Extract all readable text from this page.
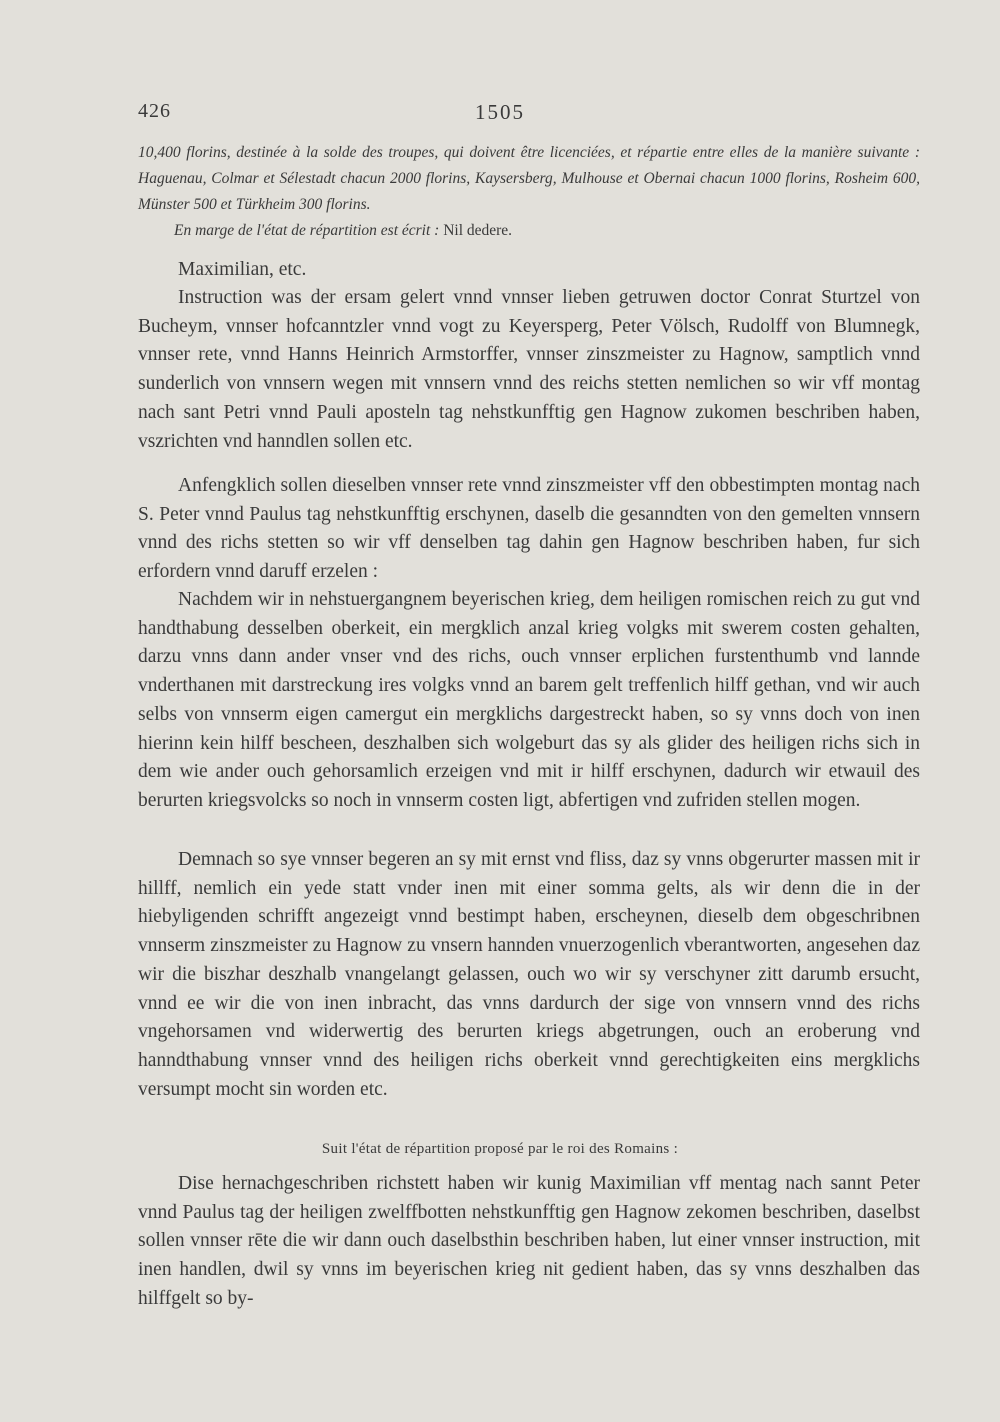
426	1505

10,400 florins, destinée à la solde des troupes, qui doivent être licenciées, et répartie entre elles de la manière suivante : Haguenau, Colmar et Sélestadt chacun 2000 florins, Kaysersberg, Mulhouse et Obernai chacun 1000 florins, Rosheim 600, Münster 500 et Türkheim 300 florins.

En marge de l'état de répartition est écrit : Nil dedere.

Maximilian, etc.

Instruction was der ersam gelert vnnd vnnser lieben getruwen doctor Conrat Sturtzel von Bucheym, vnnser hofcanntzler vnnd vogt zu Keyersperg, Peter Völsch, Rudolff von Blumnegk, vnnser rete, vnnd Hanns Heinrich Armstorffer, vnnser zinszmeister zu Hagnow, samptlich vnnd sunderlich von vnnsern wegen mit vnnsern vnnd des reichs stetten nemlichen so wir vff montag nach sant Petri vnnd Pauli aposteln tag nehstkunfftig gen Hagnow zukomen beschriben haben, vszrichten vnd hanndlen sollen etc.

Anfengklich sollen dieselben vnnser rete vnnd zinszmeister vff den obbestimpten montag nach S. Peter vnnd Paulus tag nehstkunfftig erschynen, daselb die gesanndten von den gemelten vnnsern vnnd des richs stetten so wir vff denselben tag dahin gen Hagnow beschriben haben, fur sich erfordern vnnd daruff erzelen :

Nachdem wir in nehstuergangnem beyerischen krieg, dem heiligen romischen reich zu gut vnd handthabung desselben oberkeit, ein mergklich anzal krieg volgks mit swerem costen gehalten, darzu vnns dann ander vnser vnd des richs, ouch vnnser erplichen furstenthumb vnd lannde vnderthanen mit darstreckung ires volgks vnnd an barem gelt treffenlich hilff gethan, vnd wir auch selbs von vnnserm eigen camergut ein mergklichs dargestreckt haben, so sy vnns doch von inen hierinn kein hilff bescheen, deszhalben sich wolgeburt das sy als glider des heiligen richs sich in dem wie ander ouch gehorsamlich erzeigen vnd mit ir hilff erschynen, dadurch wir etwauil des berurten kriegsvolcks so noch in vnnserm costen ligt, abfertigen vnd zufriden stellen mogen.

Demnach so sye vnnser begeren an sy mit ernst vnd fliss, daz sy vnns obgerurter massen mit ir hillff, nemlich ein yede statt vnder inen mit einer somma gelts, als wir denn die in der hiebyligenden schrifft angezeigt vnnd bestimpt haben, erscheynen, dieselb dem obgeschribnen vnnserm zinszmeister zu Hagnow zu vnsern hannden vnuerzogenlich vberantworten, angesehen daz wir die biszhar deszhalb vnangelangt gelassen, ouch wo wir sy verschyner zitt darumb ersucht, vnnd ee wir die von inen inbracht, das vnns dardurch der sige von vnnsern vnnd des richs vngehorsamen vnd widerwertig des berurten kriegs abgetrungen, ouch an eroberung vnd hanndthabung vnnser vnnd des heiligen richs oberkeit vnnd gerechtigkeiten eins mergklichs versumpt mocht sin worden etc.

Suit l'état de répartition proposé par le roi des Romains :

Dise hernachgeschriben richstett haben wir kunig Maximilian vff mentag nach sannt Peter vnnd Paulus tag der heiligen zwelffbotten nehstkunfftig gen Hagnow zekomen beschriben, daselbst sollen vnnser rēte die wir dann ouch daselbsthin beschriben haben, lut einer vnnser instruction, mit inen handlen, dwil sy vnns im beyerischen krieg nit gedient haben, das sy vnns deszhalben das hilffgelt so by-
